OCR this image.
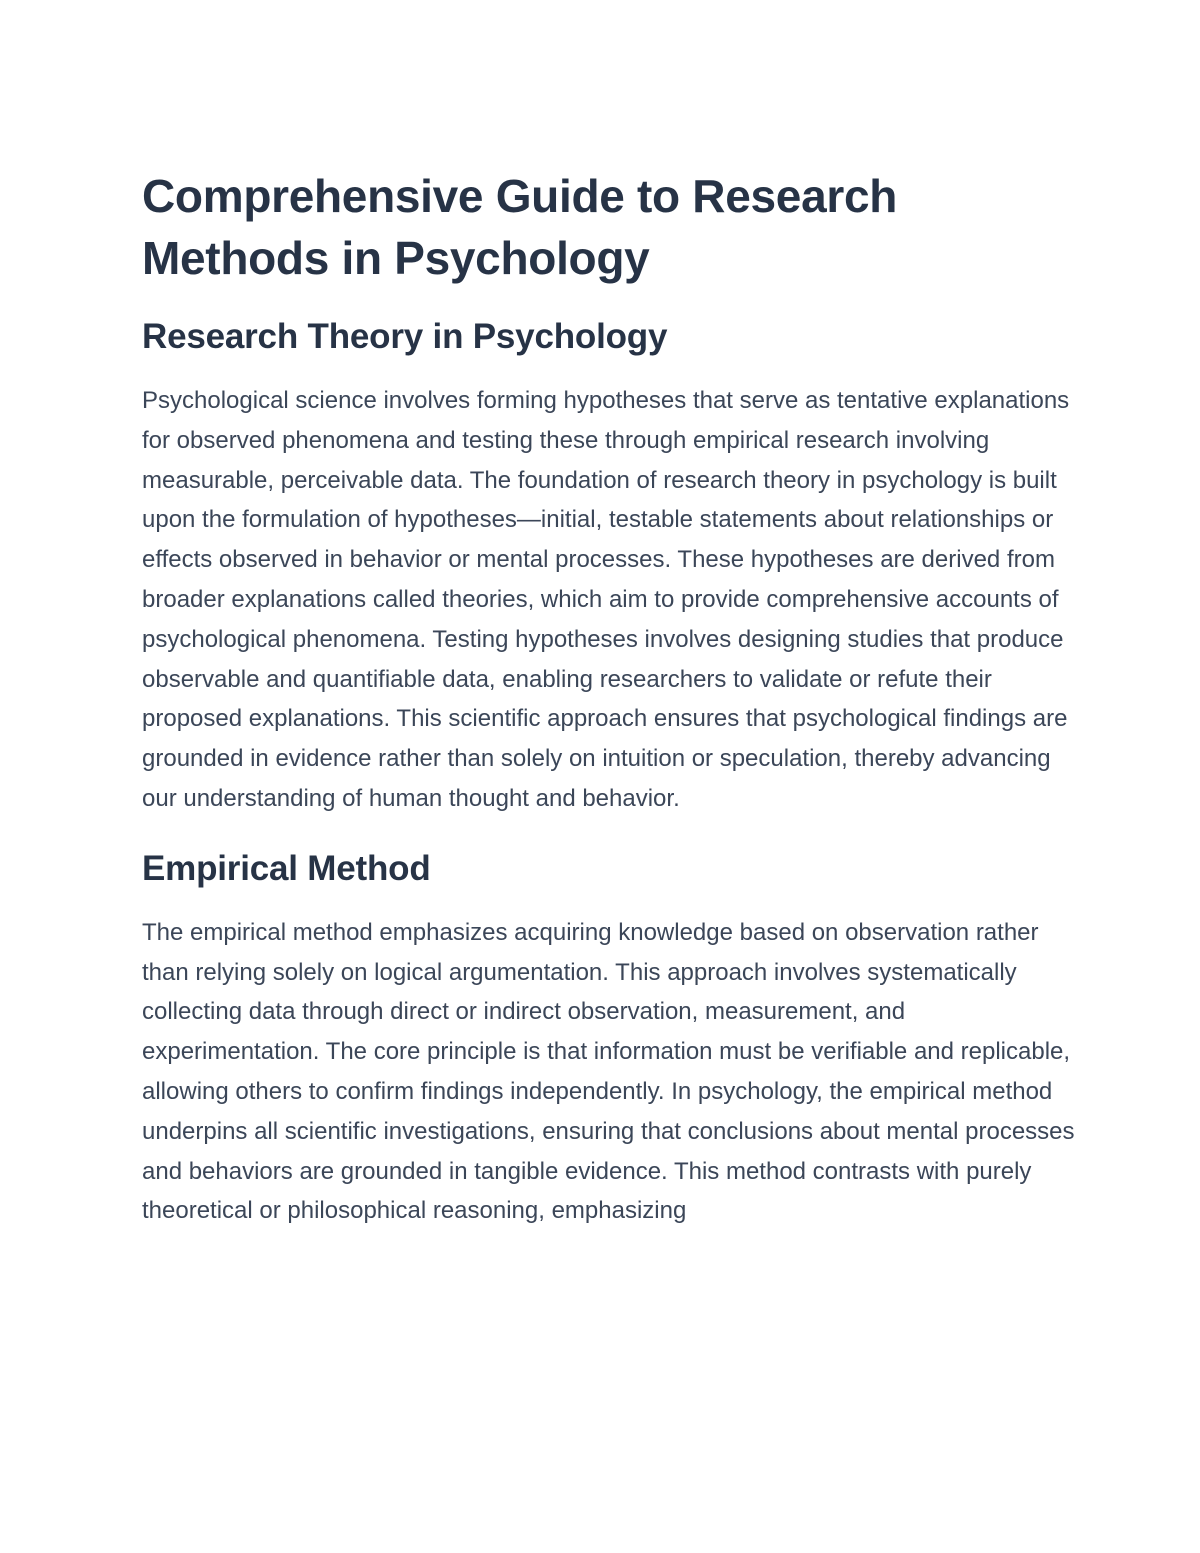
Comprehensive Guide to Research Methods in Psychology
Research Theory in Psychology

Psychological science involves forming hypotheses that serve as tentative explanations for observed phenomena and testing these through empirical research involving measurable, perceivable data. The foundation of research theory in psychology is built upon the formulation of hypotheses—initial, testable statements about relationships or effects observed in behavior or mental processes. These hypotheses are derived from broader explanations called theories, which aim to provide comprehensive accounts of psychological phenomena. Testing hypotheses involves designing studies that produce observable and quantifiable data, enabling researchers to validate or refute their proposed explanations. This scientific approach ensures that psychological findings are grounded in evidence rather than solely on intuition or speculation, thereby advancing our understanding of human thought and behavior.

Empirical Method

The empirical method emphasizes acquiring knowledge based on observation rather than relying solely on logical argumentation. This approach involves systematically collecting data through direct or indirect observation, measurement, and experimentation. The core principle is that information must be verifiable and replicable, allowing others to confirm findings independently. In psychology, the empirical method underpins all scientific investigations, ensuring that conclusions about mental processes and behaviors are grounded in tangible evidence. This method contrasts with purely theoretical or philosophical reasoning, emphasizing
